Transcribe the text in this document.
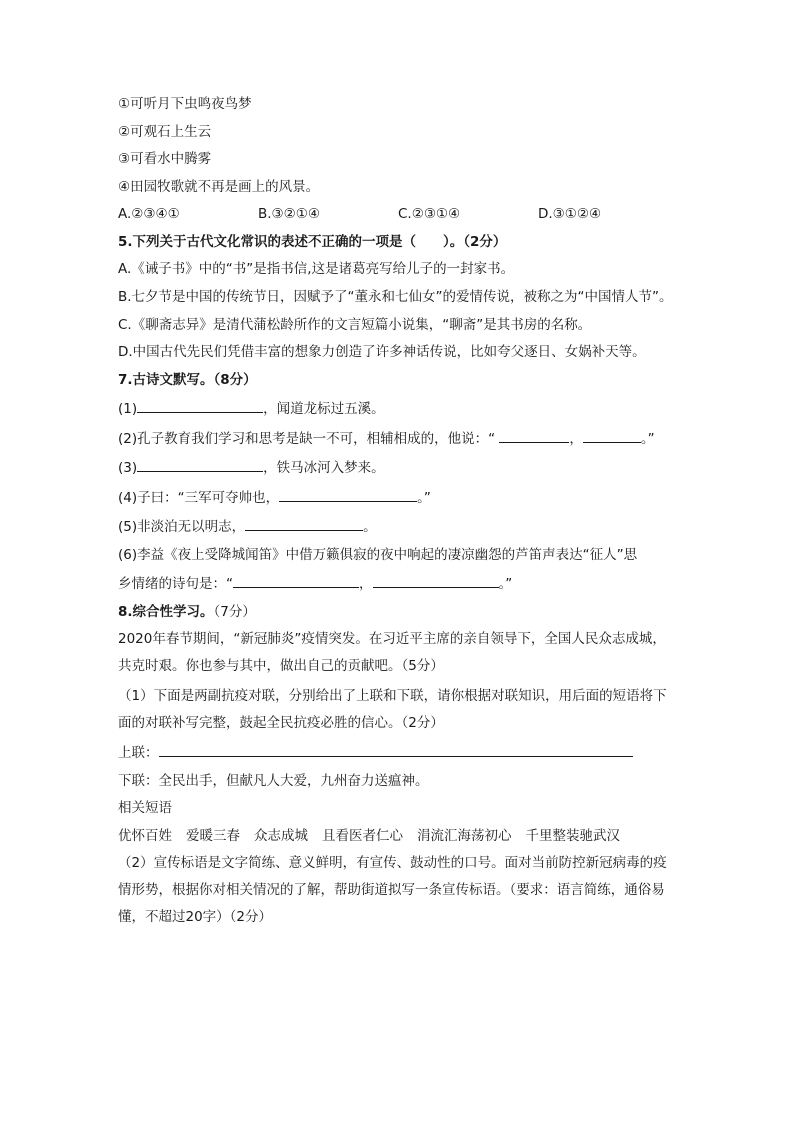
①可听月下虫鸣夜鸟梦
②可观石上生云
③可看水中腾雾
④田园牧歌就不再是画上的风景。
A.②③④①	B.③②①④	C.②③①④	D.③①②④
5.下列关于古代文化常识的表述不正确的一项是（　　）。（2分）
A.《诫子书》中的“书”是指书信,这是诸葛亮写给儿子的一封家书。
B.七夕节是中国的传统节日，因赋予了“董永和七仙女”的爱情传说，被称之为“中国情人节”。
C.《聊斋志异》是清代蒲松龄所作的文言短篇小说集，“聊斋”是其书房的名称。
D.中国古代先民们凭借丰富的想象力创造了许多神话传说，比如夸父逐日、女娲补天等。
7.古诗文默写。（8分）
(1)	，闻道龙标过五溪。
(2)孔子教育我们学习和思考是缺一不可，相辅相成的，他说：“	，	。”
(3)	，铁马冰河入梦来。
(4)子曰：“三军可夺帅也，	。”
(5)非淡泊无以明志，	。
(6)李益《夜上受降城闻笛》中借万籁俱寂的夜中响起的凄凉幽怨的芦笛声表达“征人”思
乡情绪的诗句是：“	，	。”
8.综合性学习。（7分）
2020年春节期间，“新冠肺炎”疫情突发。在习近平主席的亲自领导下，全国人民众志成城，共克时艰。你也参与其中，做出自己的贡献吧。（5分）
（1）下面是两副抗疫对联，分别给出了上联和下联，请你根据对联知识，用后面的短语将下面的对联补写完整，鼓起全民抗疫必胜的信心。（2分）
上联：
下联：全民出手，但献凡人大爱，九州奋力送瘟神。
相关短语
优怀百姓 爱暖三春 众志成城 且看医者仁心 涓流汇海荡初心 千里整装驰武汉
（2）宣传标语是文字简练、意义鲜明，有宣传、鼓动性的口号。面对当前防控新冠病毒的疫情形势，根据你对相关情况的了解，帮助街道拟写一条宣传标语。（要求：语言简练，通俗易懂，不超过20字）（2分）
